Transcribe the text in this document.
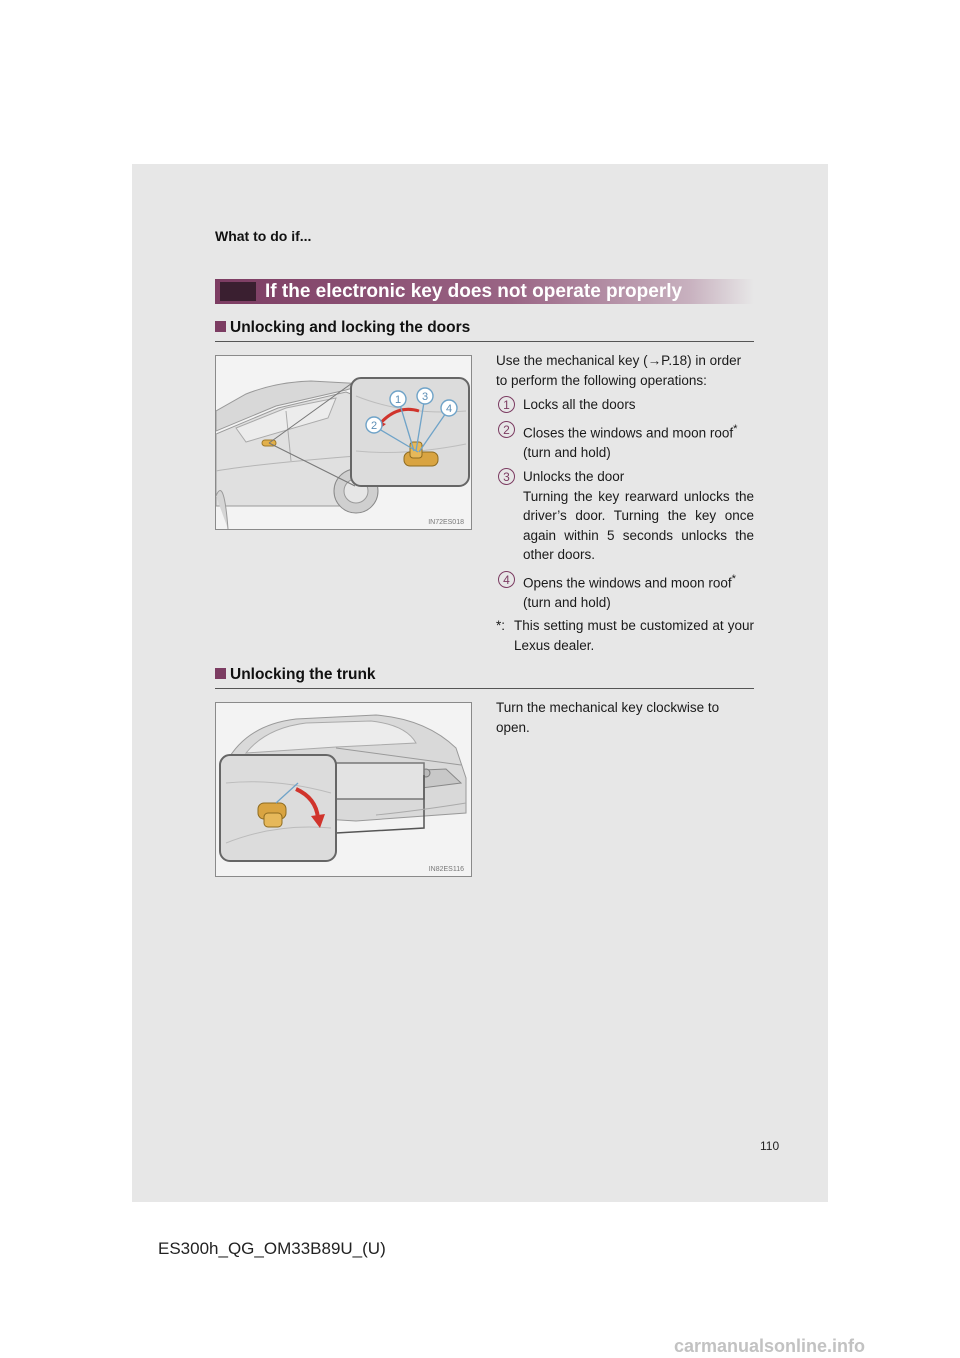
What to do if...
If the electronic key does not operate properly
Unlocking and locking the doors
1 3
2
4
IN72ES018

Use the mechanical key (→P.18) in order to perform the following operations:

1 Locks all the doors
2 Closes the windows and moon roof*
(turn and hold)
3 Unlocks the door
Turning the key rearward unlocks the driver’s door. Turning the key once again within 5 seconds unlocks the other doors.
4 Opens the windows and moon roof*
(turn and hold)
*: This setting must be customized at your Lexus dealer.
Unlocking the trunk
IN82ES116

Turn the mechanical key clockwise to open.

110
ES300h_QG_OM33B89U_(U)
carmanualsonline.info
